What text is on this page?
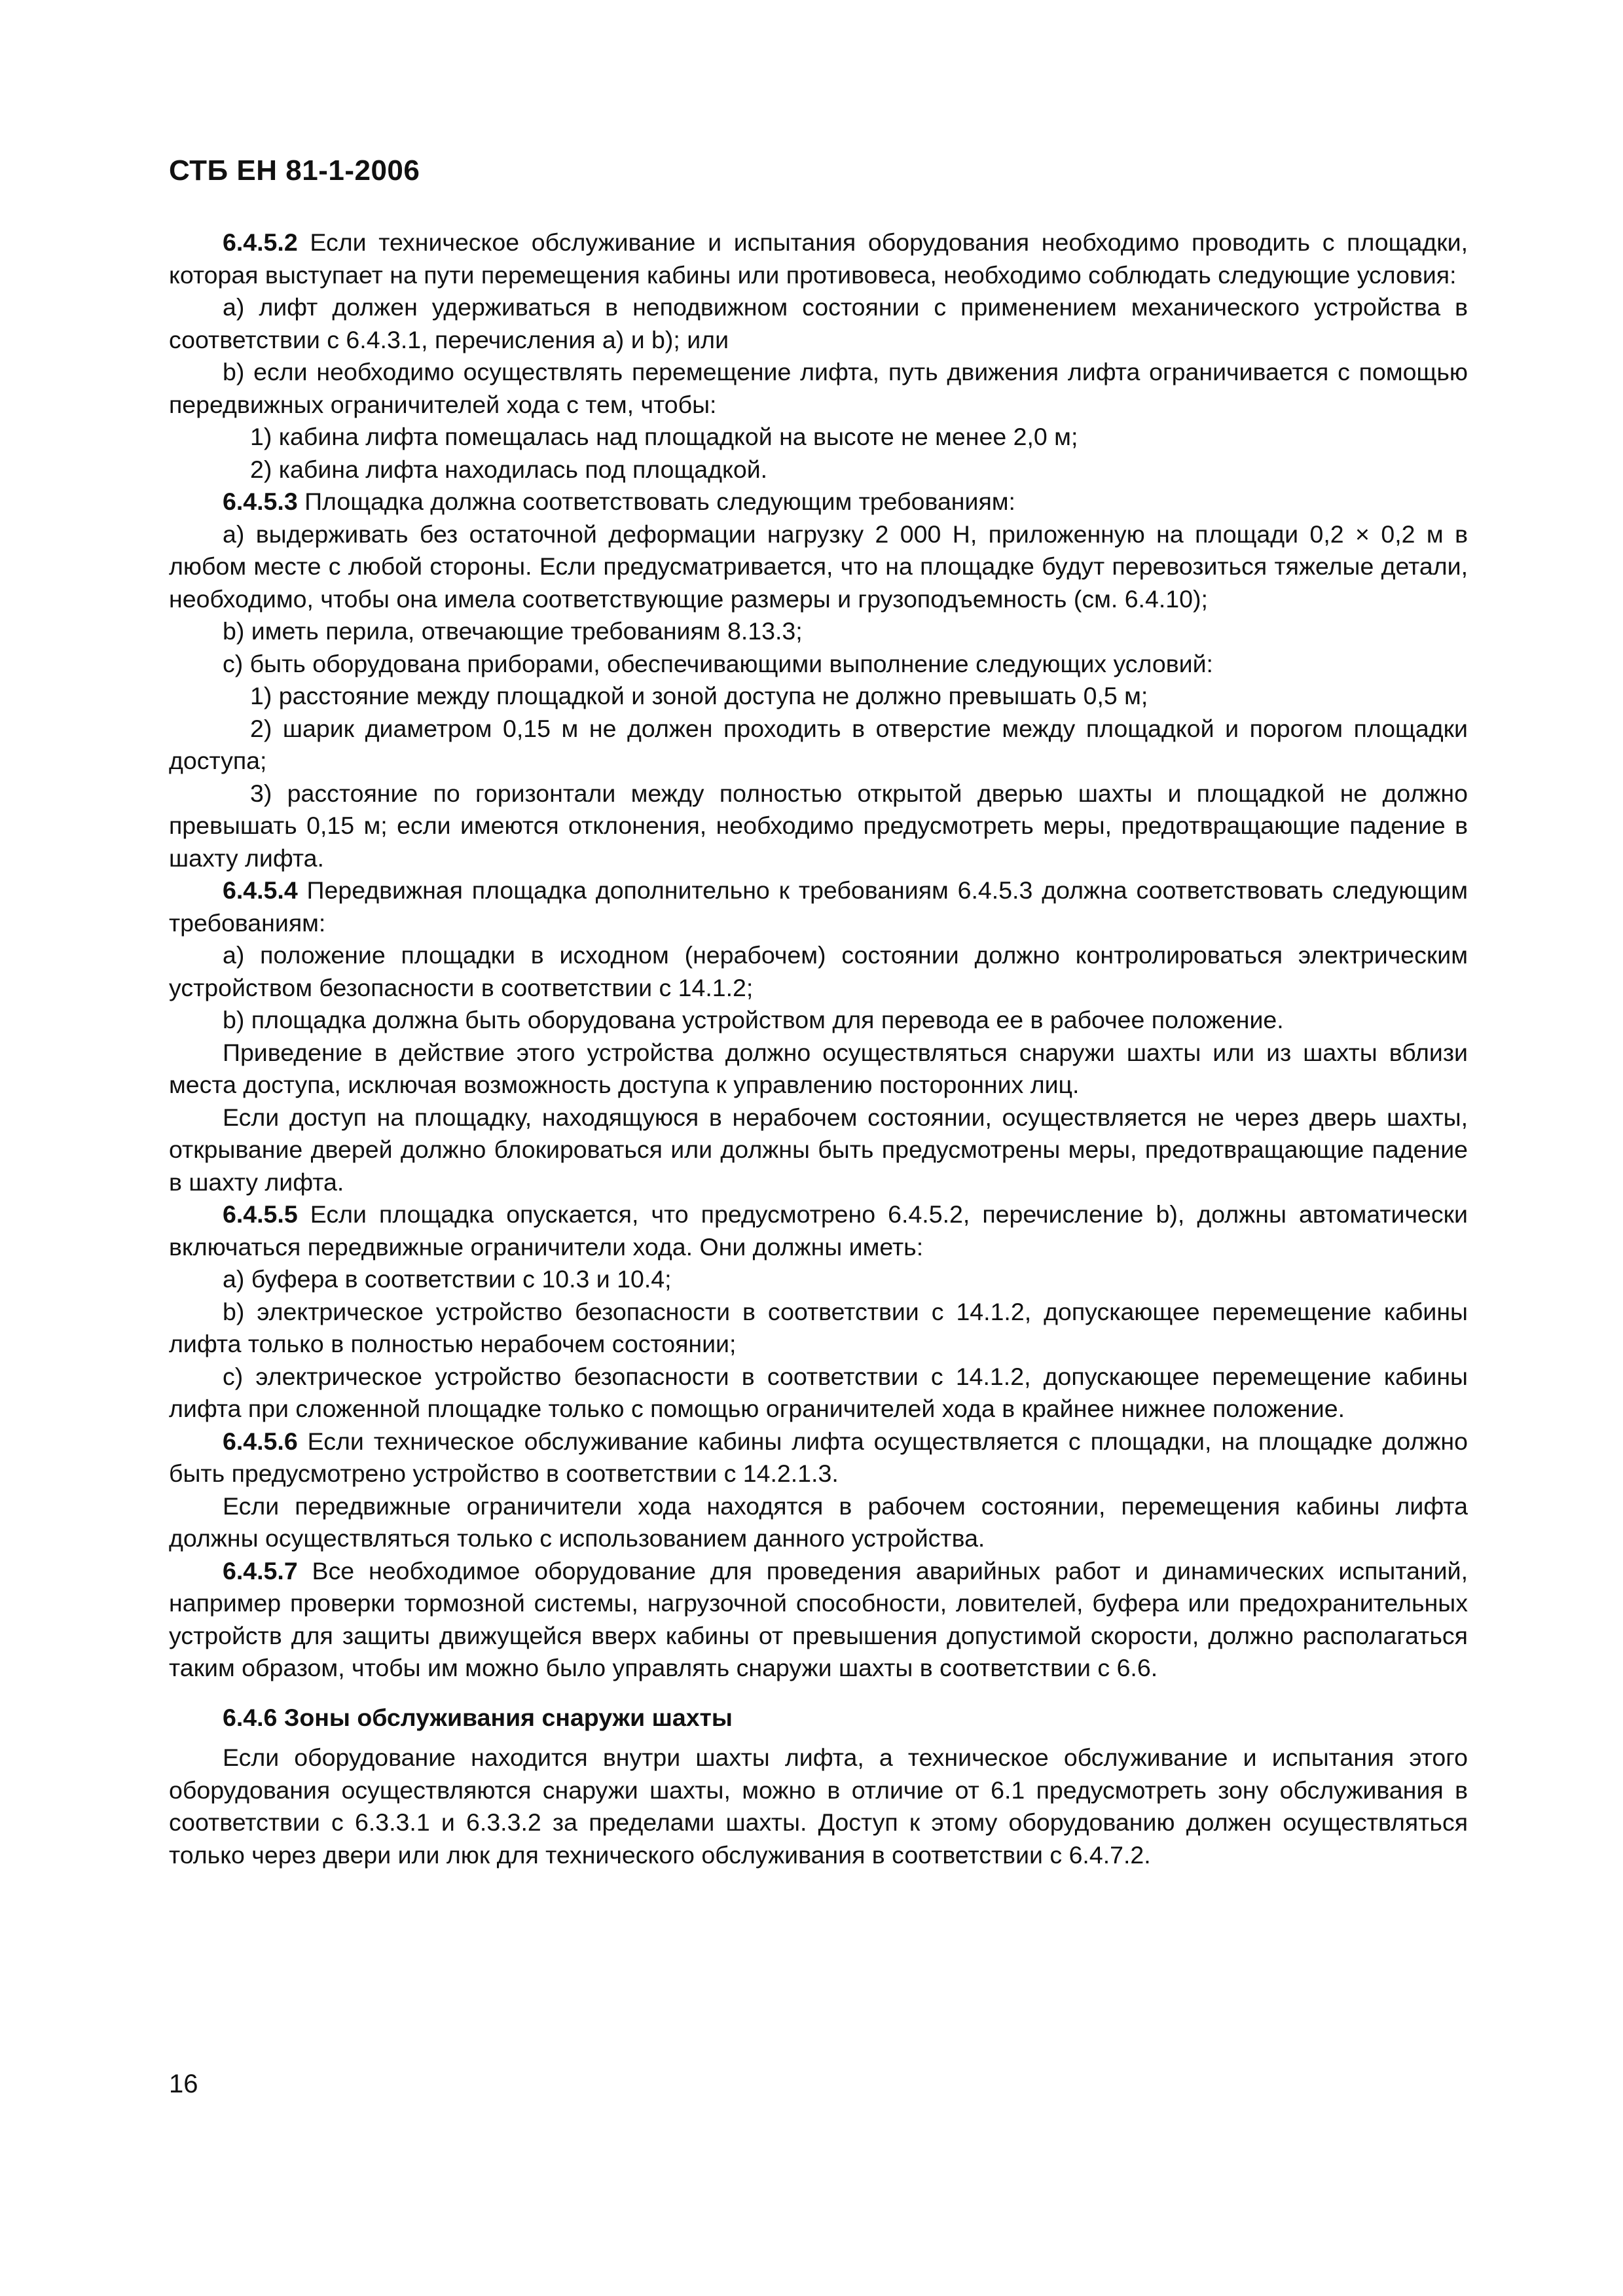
СТБ ЕН 81-1-2006

6.4.5.2 Если техническое обслуживание и испытания оборудования необходимо проводить с площадки, которая выступает на пути перемещения кабины или противовеса, необходимо соблюдать следующие условия:

a) лифт должен удерживаться в неподвижном состоянии с применением механического устройства в соответствии с 6.4.3.1, перечисления a) и b); или

b) если необходимо осуществлять перемещение лифта, путь движения лифта ограничивается с помощью передвижных ограничителей хода с тем, чтобы:

1) кабина лифта помещалась над площадкой на высоте не менее 2,0 м;

2) кабина лифта находилась под площадкой.

6.4.5.3 Площадка должна соответствовать следующим требованиям:

a) выдерживать без остаточной деформации нагрузку 2 000 Н, приложенную на площади 0,2 × 0,2 м в любом месте с любой стороны. Если предусматривается, что на площадке будут перевозиться тяжелые детали, необходимо, чтобы она имела соответствующие размеры и грузоподъемность (см. 6.4.10);

b) иметь перила, отвечающие требованиям 8.13.3;

c) быть оборудована приборами, обеспечивающими выполнение следующих условий:

1) расстояние между площадкой и зоной доступа не должно превышать 0,5 м;

2) шарик диаметром 0,15 м не должен проходить в отверстие между площадкой и порогом площадки доступа;

3) расстояние по горизонтали между полностью открытой дверью шахты и площадкой не должно превышать 0,15 м; если имеются отклонения, необходимо предусмотреть меры, предотвращающие падение в шахту лифта.

6.4.5.4 Передвижная площадка дополнительно к требованиям 6.4.5.3 должна соответствовать следующим требованиям:

a) положение площадки в исходном (нерабочем) состоянии должно контролироваться электрическим устройством безопасности в соответствии с 14.1.2;

b) площадка должна быть оборудована устройством для перевода ее в рабочее положение.

Приведение в действие этого устройства должно осуществляться снаружи шахты или из шахты вблизи места доступа, исключая возможность доступа к управлению посторонних лиц.

Если доступ на площадку, находящуюся в нерабочем состоянии, осуществляется не через дверь шахты, открывание дверей должно блокироваться или должны быть предусмотрены меры, предотвращающие падение в шахту лифта.

6.4.5.5 Если площадка опускается, что предусмотрено 6.4.5.2, перечисление b), должны автоматически включаться передвижные ограничители хода. Они должны иметь:

a) буфера в соответствии с 10.3 и 10.4;

b) электрическое устройство безопасности в соответствии с 14.1.2, допускающее перемещение кабины лифта только в полностью нерабочем состоянии;

c) электрическое устройство безопасности в соответствии с 14.1.2, допускающее перемещение кабины лифта при сложенной площадке только с помощью ограничителей хода в крайнее нижнее положение.

6.4.5.6 Если техническое обслуживание кабины лифта осуществляется с площадки, на площадке должно быть предусмотрено устройство в соответствии с 14.2.1.3.

Если передвижные ограничители хода находятся в рабочем состоянии, перемещения кабины лифта должны осуществляться только с использованием данного устройства.

6.4.5.7 Все необходимое оборудование для проведения аварийных работ и динамических испытаний, например проверки тормозной системы, нагрузочной способности, ловителей, буфера или предохранительных устройств для защиты движущейся вверх кабины от превышения допустимой скорости, должно располагаться таким образом, чтобы им можно было управлять снаружи шахты в соответствии с 6.6.

6.4.6 Зоны обслуживания снаружи шахты

Если оборудование находится внутри шахты лифта, а техническое обслуживание и испытания этого оборудования осуществляются снаружи шахты, можно в отличие от 6.1 предусмотреть зону обслуживания в соответствии с 6.3.3.1 и 6.3.3.2 за пределами шахты. Доступ к этому оборудованию должен осуществляться только через двери или люк для технического обслуживания в соответствии с 6.4.7.2.

16
